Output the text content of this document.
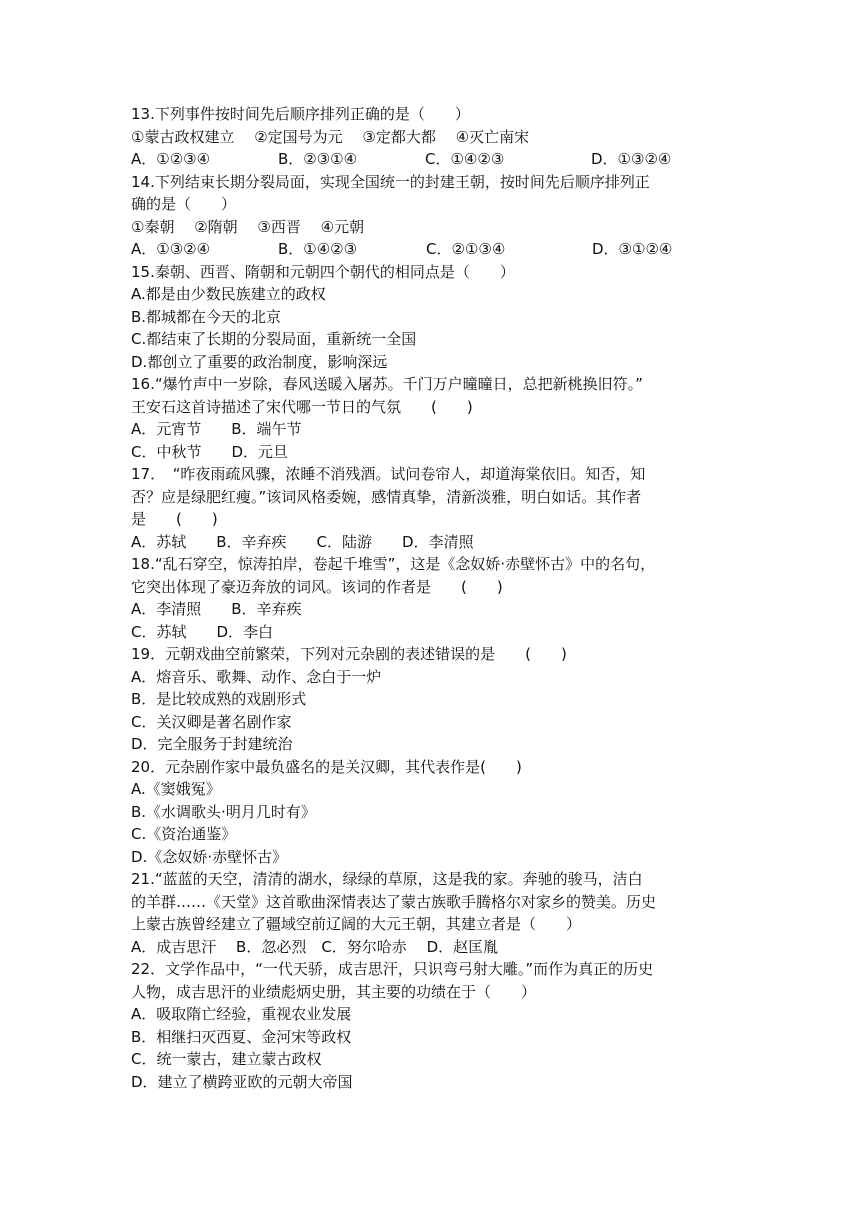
13.下列事件按时间先后顺序排列正确的是（　　）
①蒙古政权建立　 ②定国号为元　 ③定都大都　 ④灭亡南宋
A．①②③④	B．②③①④	C．①④②③	D．①③②④
14.下列结束长期分裂局面，实现全国统一的封建王朝，按时间先后顺序排列正
确的是（　　）
①秦朝　 ②隋朝　 ③西晋　 ④元朝
A．①③②④	B．①④②③	C．②①③④	D．③①②④
15.秦朝、西晋、隋朝和元朝四个朝代的相同点是（　　）
A.都是由少数民族建立的政权
B.都城都在今天的北京
C.都结束了长期的分裂局面，重新统一全国
D.都创立了重要的政治制度，影响深远
16.“爆竹声中一岁除，春风送暖入屠苏。千门万户曈曈日，总把新桃换旧符。”
王安石这首诗描述了宋代哪一节日的气氛　　(　　)
A．元宵节　　B．端午节
C．中秋节　　D．元旦
17．　“昨夜雨疏风骤，浓睡不消残酒。试问卷帘人，却道海棠依旧。知否，知
否？应是绿肥红瘦。”该词风格委婉，感情真挚，清新淡雅，明白如话。其作者
是　　(　　)
A．苏轼　　B．辛弃疾　　C．陆游　　D．李清照
18.“乱石穿空，惊涛拍岸，卷起千堆雪”，这是《念奴娇·赤壁怀古》中的名句，
它突出体现了豪迈奔放的词风。该词的作者是　　(　　)
A．李清照　　B．辛弃疾
C．苏轼　　D．李白
19．元朝戏曲空前繁荣，下列对元杂剧的表述错误的是　　(　　)
A．熔音乐、歌舞、动作、念白于一炉
B．是比较成熟的戏剧形式
C．关汉卿是著名剧作家
D．完全服务于封建统治
20．元杂剧作家中最负盛名的是关汉卿，其代表作是(　　)
A.《窦娥冤》
B.《水调歌头·明月几时有》
C.《资治通鉴》
D.《念奴娇·赤壁怀古》
21.“蓝蓝的天空，清清的湖水，绿绿的草原，这是我的家。奔驰的骏马，洁白
的羊群……《天堂》这首歌曲深情表达了蒙古族歌手腾格尔对家乡的赞美。历史
上蒙古族曾经建立了疆域空前辽阔的大元王朝，其建立者是（　　）
A．成吉思汗　 B．忽必烈　C．努尔哈赤　 D．赵匡胤
22．文学作品中，“一代天骄，成吉思汗，只识弯弓射大雕。”而作为真正的历史
人物，成吉思汗的业绩彪炳史册，其主要的功绩在于（　　）
A．吸取隋亡经验，重视农业发展
B．相继扫灭西夏、金河宋等政权
C．统一蒙古，建立蒙古政权
D．建立了横跨亚欧的元朝大帝国
